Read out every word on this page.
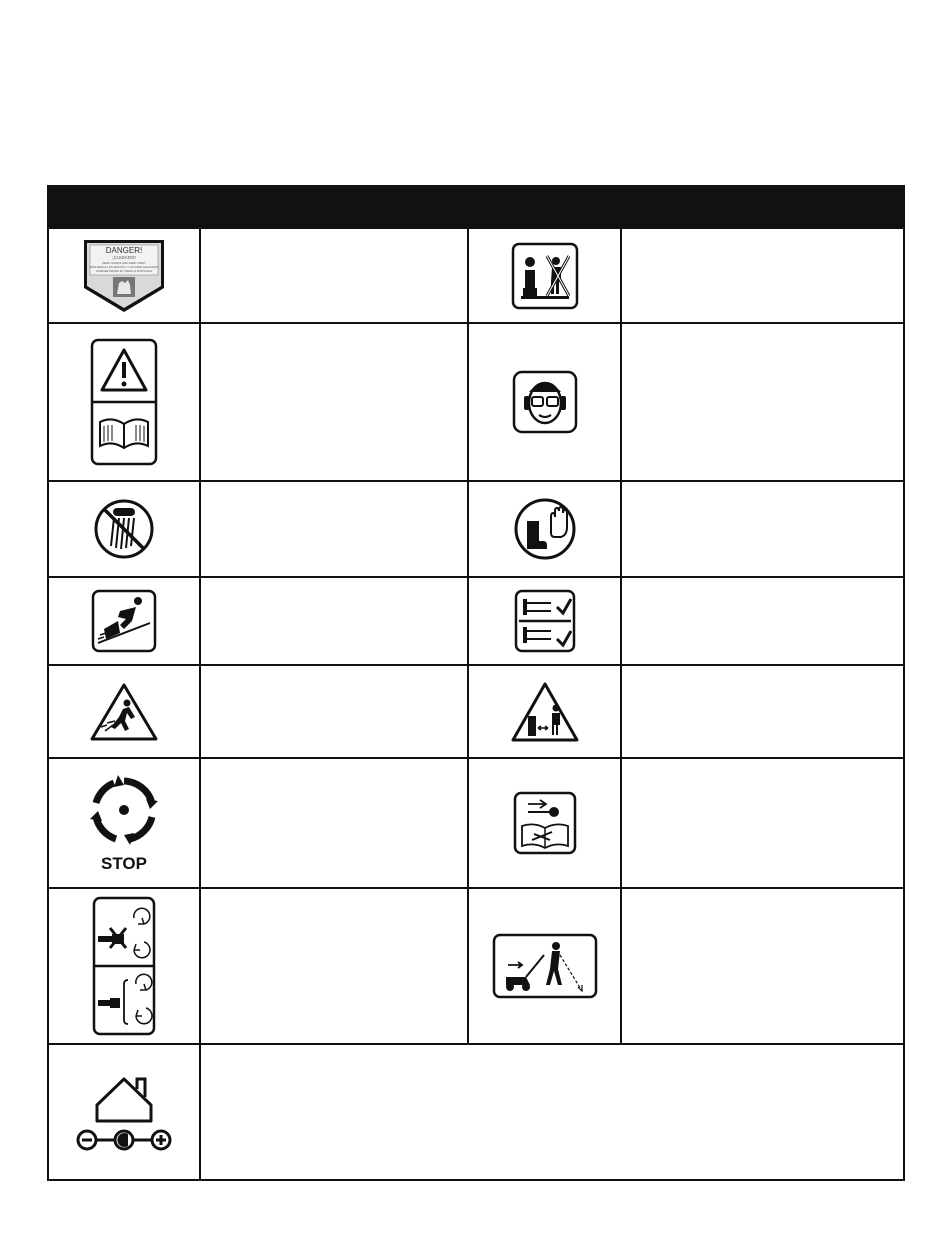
DANGER!
¡CUIDADO!
KEEP HANDS AND FEET AWAY
MANTENGA LAS MANOS Y LOS PIES ALEJADOS
GARDEZ MAINS ET PIEDS À DISTANCE

STOP
